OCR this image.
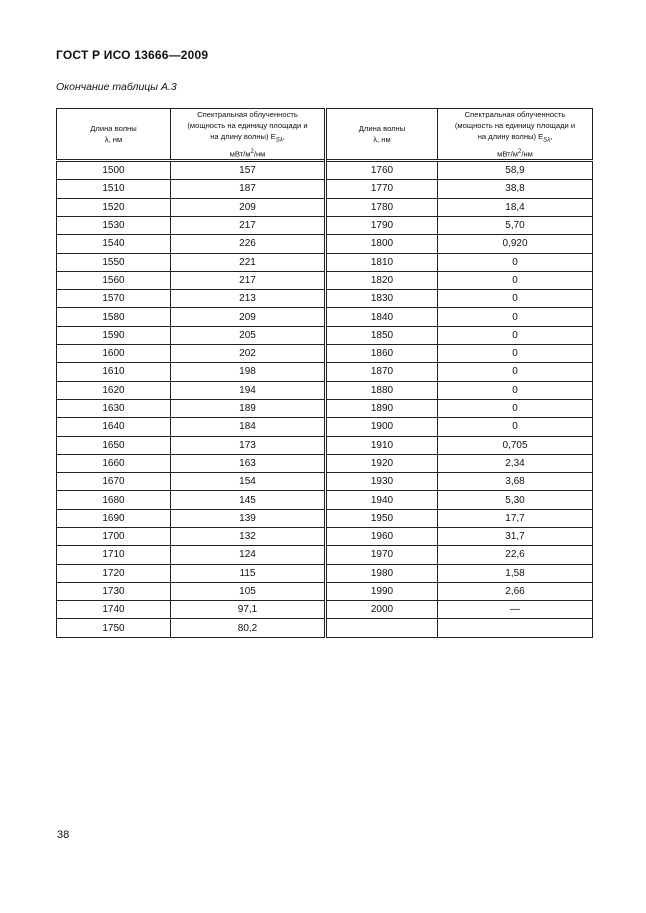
ГОСТ Р ИСО 13666—2009
Окончание таблицы А.3
Длина волны
λ, нм	Спектральная облученность
(мощность на единицу площади и
на длину волны) $E_{S\lambda}$,
мВт/$м^2/нм$	Длина волны
λ, нм	Спектральная облученность
(мощность на единицу площади и
на длину волны) $E_{S\lambda}$,
мВт/$м^2/нм$
1500	157	1760	58,9
1510	187	1770	38,8
1520	209	1780	18,4
1530	217	1790	5,70
1540	226	1800	0,920
1550	221	1810	0
1560	217	1820	0
1570	213	1830	0
1580	209	1840	0
1590	205	1850	0
1600	202	1860	0
1610	198	1870	0
1620	194	1880	0
1630	189	1890	0
1640	184	1900	0
1650	173	1910	0,705
1660	163	1920	2,34
1670	154	1930	3,68
1680	145	1940	5,30
1690	139	1950	17,7
1700	132	1960	31,7
1710	124	1970	22,6
1720	115	1980	1,58
1730	105	1990	2,66
1740	97,1	2000	—
1750	80,2		
38
